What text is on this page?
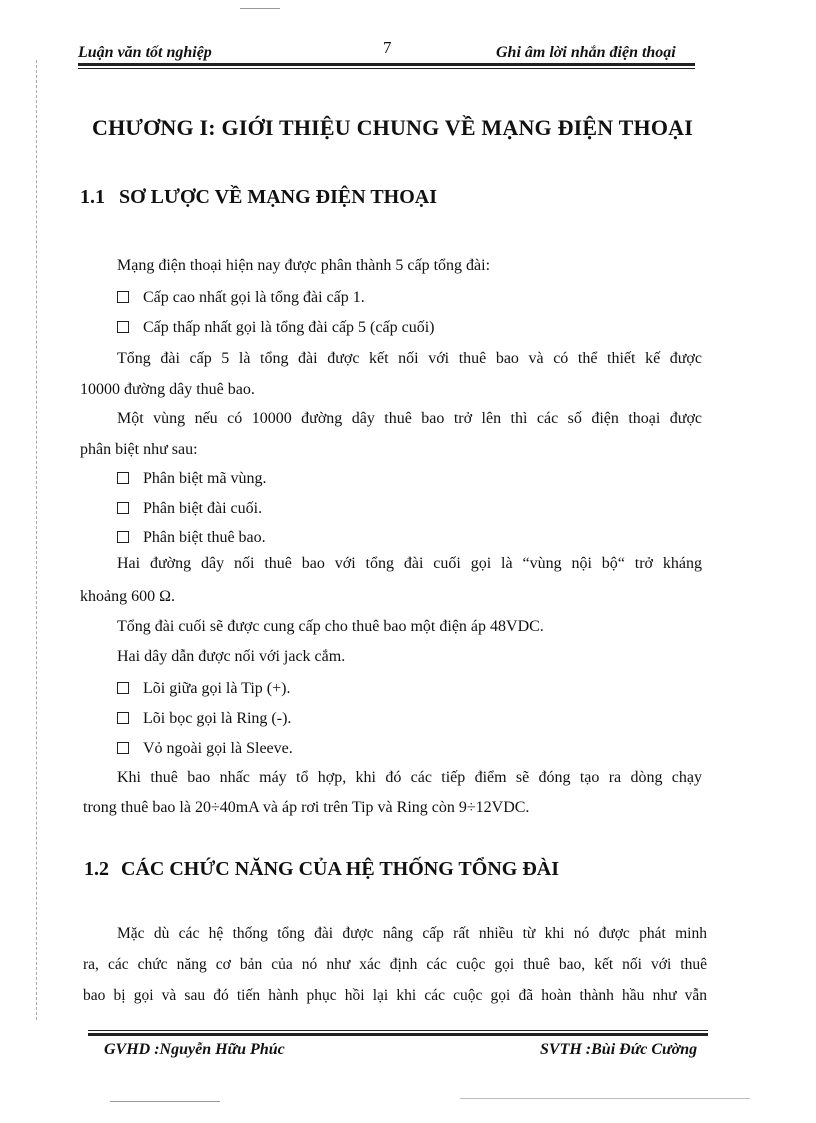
Luận văn tốt nghiệp	7	Ghi âm lời nhắn điện thoại
CHƯƠNG I: GIỚI THIỆU CHUNG VỀ MẠNG ĐIỆN THOẠI
1.1 SƠ LƯỢC VỀ MẠNG ĐIỆN THOẠI
Mạng điện thoại hiện nay được phân thành 5 cấp tổng đài:
Cấp cao nhất gọi là tổng đài cấp 1.
Cấp thấp nhất gọi là tổng đài cấp 5 (cấp cuối)
Tổng đài cấp 5 là tổng đài được kết nối với thuê bao và có thể thiết kế được
10000 đường dây thuê bao.
Một vùng nếu có 10000 đường dây thuê bao trở lên thì các số điện thoại được
phân biệt như sau:
Phân biệt mã vùng.
Phân biệt đài cuối.
Phân biệt thuê bao.
Hai đường dây nối thuê bao với tổng đài cuối gọi là “vùng nội bộ“ trở kháng
khoảng 600 Ω.
Tổng đài cuối sẽ được cung cấp cho thuê bao một điện áp 48VDC.
Hai dây dẫn được nối với jack cắm.
Lõi giữa gọi là Tip (+).
Lõi bọc gọi là Ring (-).
Vỏ ngoài gọi là Sleeve.
Khi thuê bao nhấc máy tổ hợp, khi đó các tiếp điểm sẽ đóng tạo ra dòng chạy
trong thuê bao là 20÷40mA và áp rơi trên Tip và Ring còn 9÷12VDC.
1.2 CÁC CHỨC NĂNG CỦA HỆ THỐNG TỔNG ĐÀI
Mặc dù các hệ thống tổng đài được nâng cấp rất nhiều từ khi nó được phát minh
ra, các chức năng cơ bản của nó như xác định các cuộc gọi thuê bao, kết nối với thuê
bao bị gọi và sau đó tiến hành phục hồi lại khi các cuộc gọi đã hoàn thành hầu như vẫn
GVHD :Nguyễn Hữu Phúc	SVTH :Bùi Đức Cường
